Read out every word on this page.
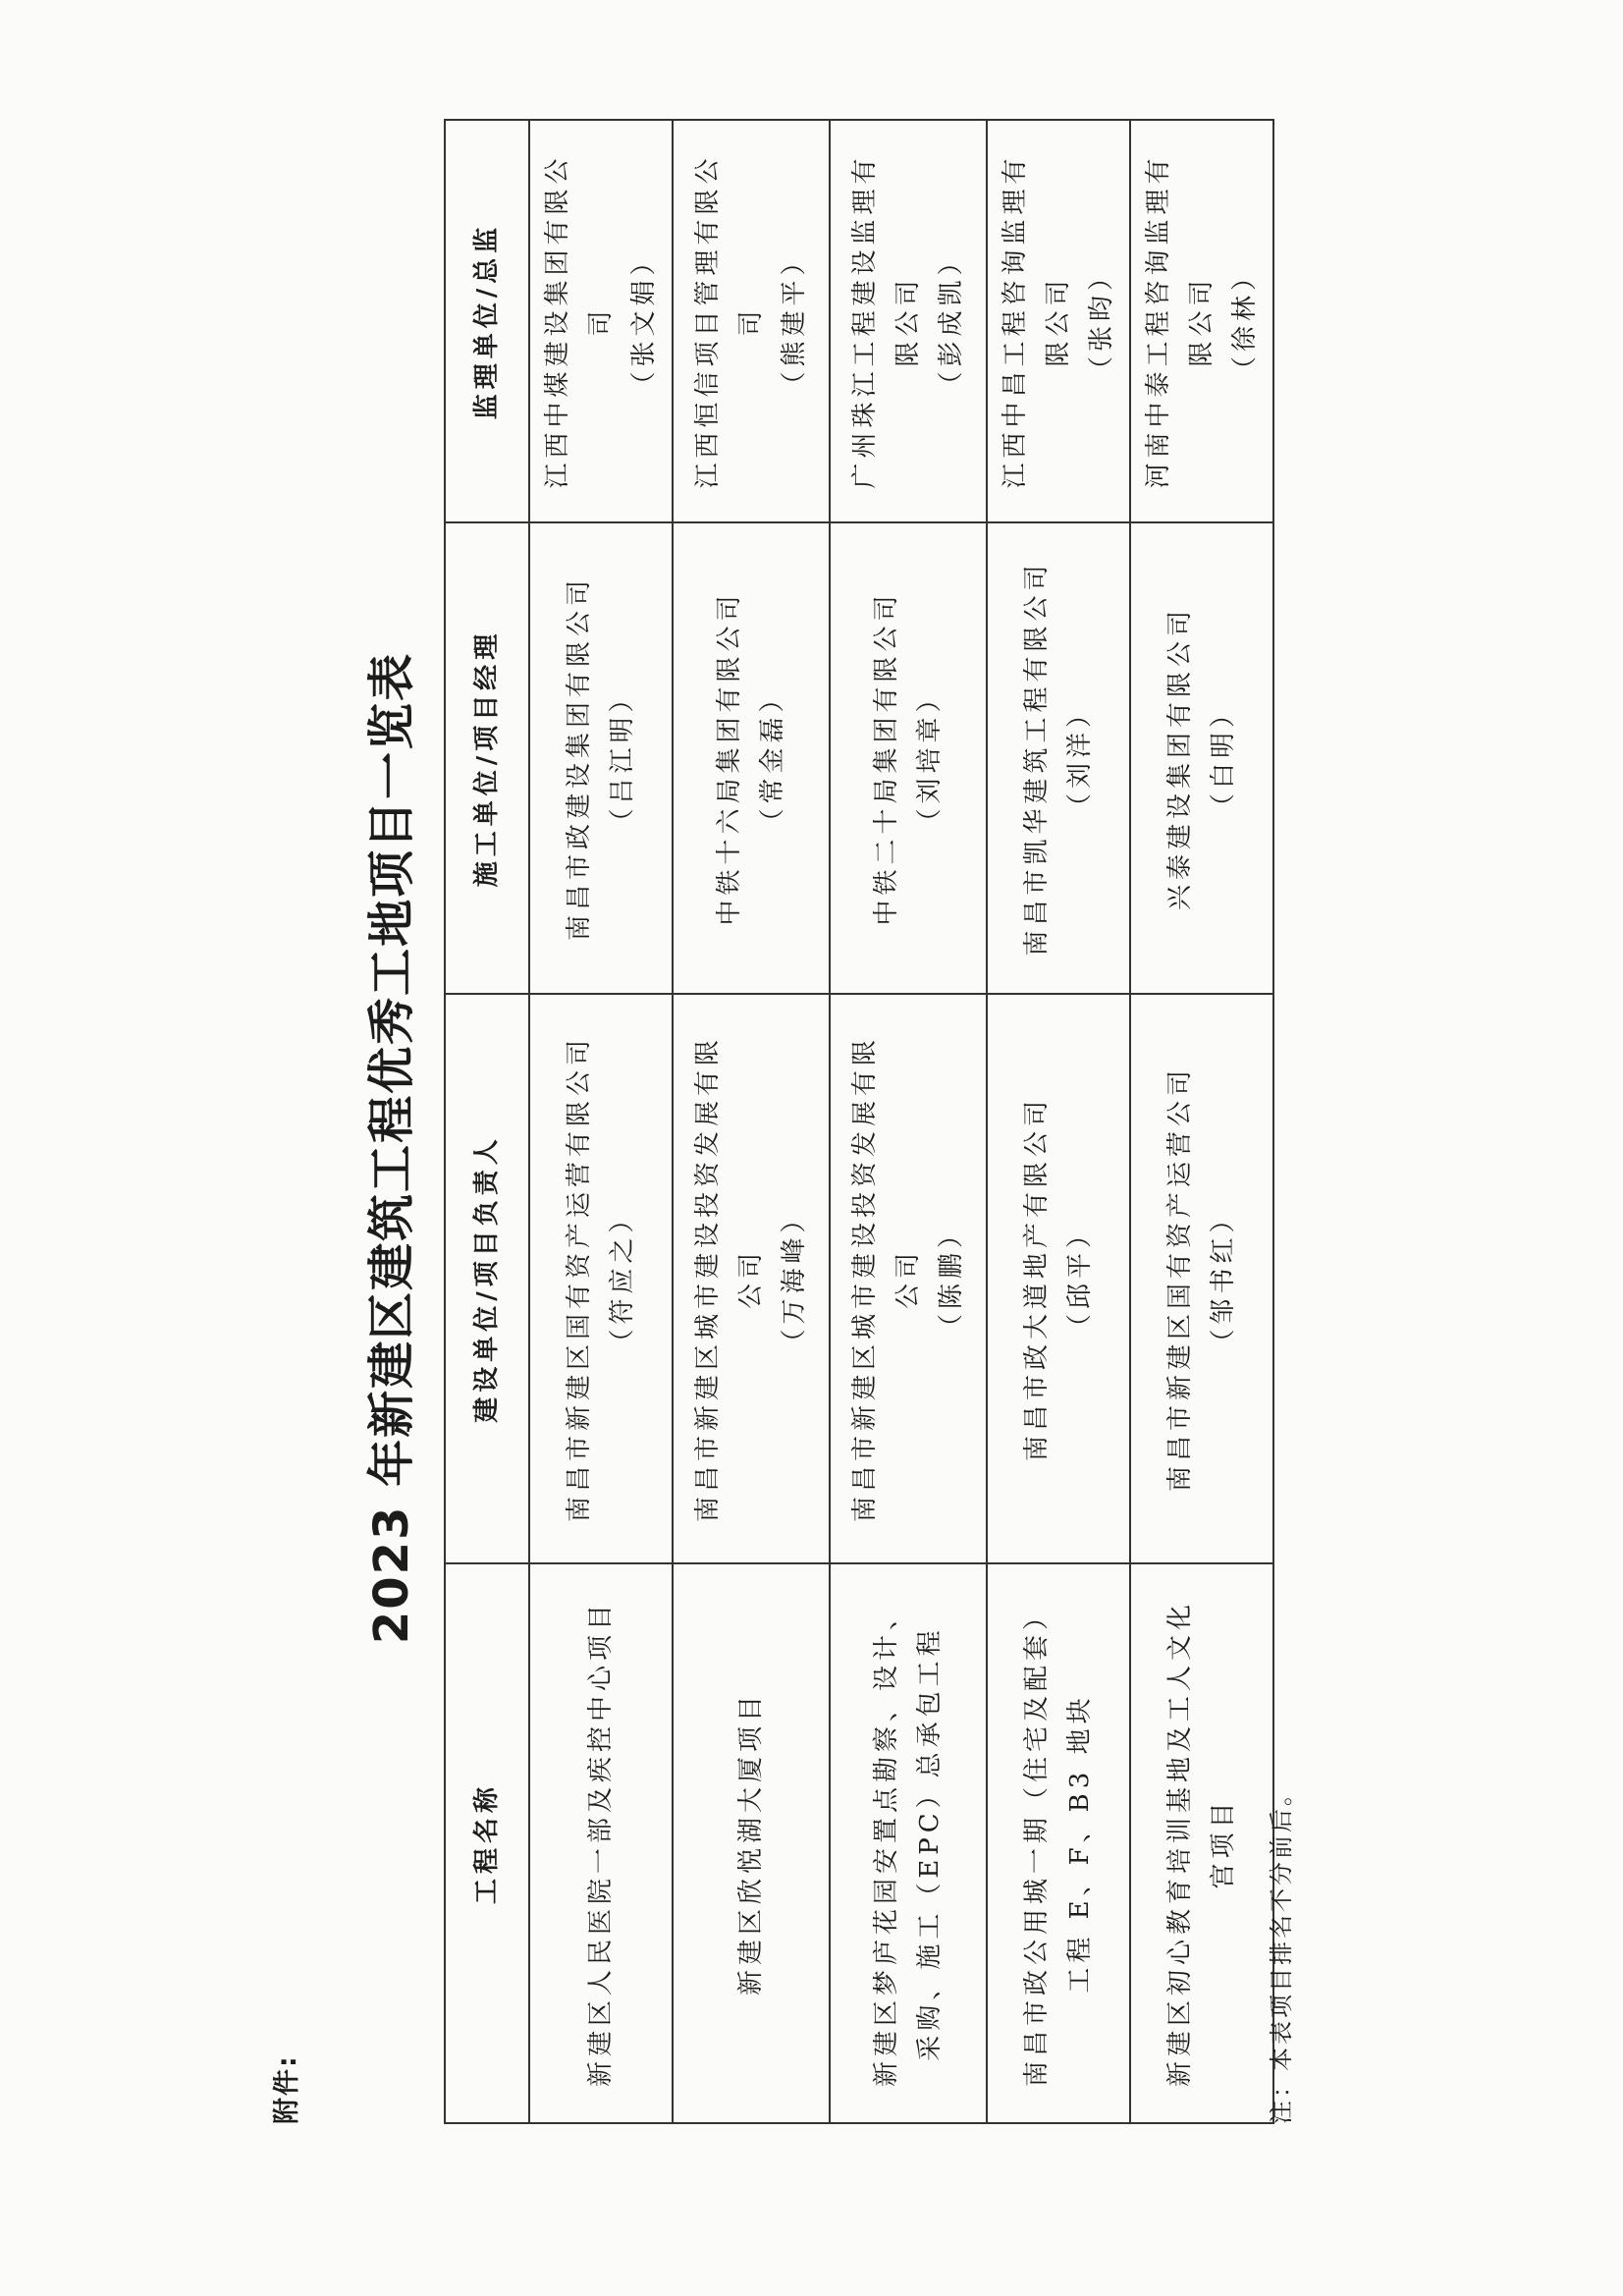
附件:
2023 年新建区建筑工程优秀工地项目一览表
工程名称	建设单位/项目负责人	施工单位/项目经理	监理单位/总监
新建区人民医院一部及疾控中心项目	南昌市新建区国有资产运营有限公司 （符应之）	南昌市政建设集团有限公司 （吕江明）	江西中煤建设集团有限公司 （张文娟）

新建区欣悦湖大厦项目	南昌市新建区城市建设投资发展有限公司 （万海峰）	中铁十六局集团有限公司 （常金磊）	江西恒信项目管理有限公司 （熊建平）

新建区梦庐花园安置点勘察、设计、采购、施工（EPC）总承包工程	南昌市新建区城市建设投资发展有限公司 （陈鹏）	中铁二十局集团有限公司 （刘培章）	广州珠江工程建设监理有限公司 （彭成凯）

南昌市政公用城一期（住宅及配套）工程 E、F、B3 地块	南昌市政大道地产有限公司 （邱平）	南昌市凯华建筑工程有限公司 （刘洋）	江西中昌工程咨询监理有限公司 （张昀）

新建区初心教育培训基地及工人文化宫项目	南昌市新建区国有资产运营公司 （邹书红）	兴泰建设集团有限公司 （白明）	河南中泰工程咨询监理有限公司 （徐林）
注：本表项目排名不分前后。
